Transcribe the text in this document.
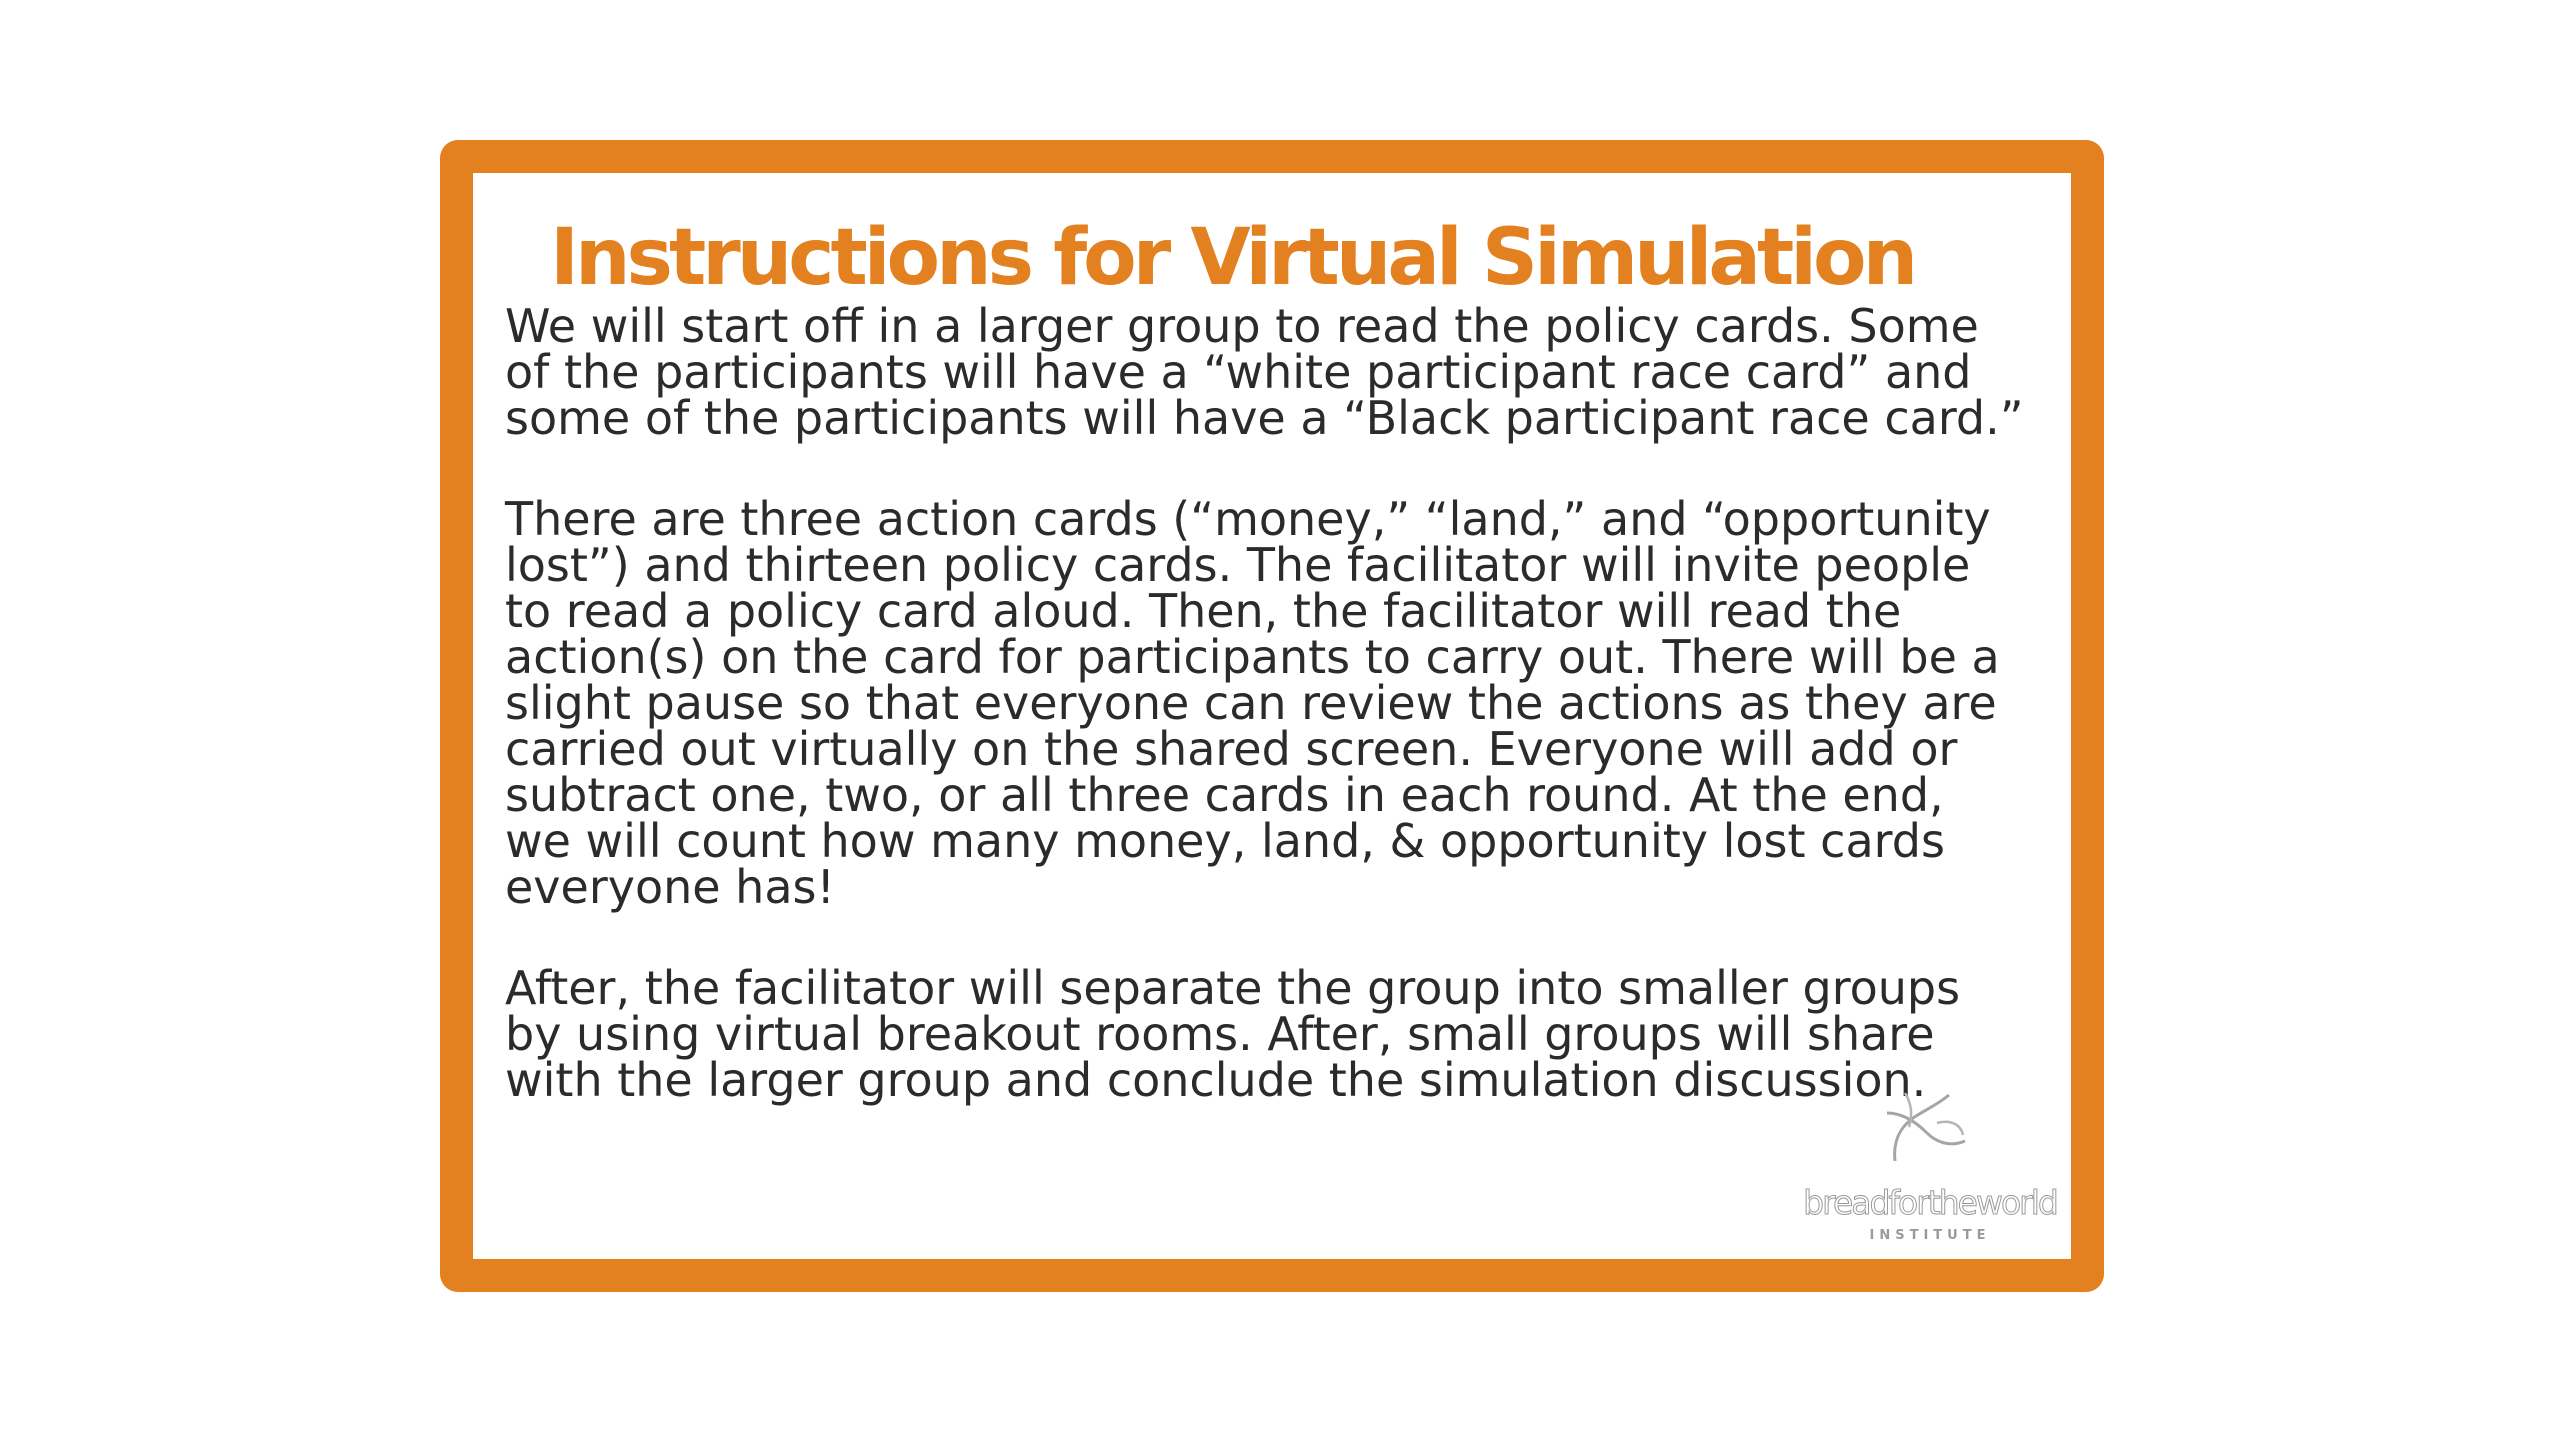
Instructions for Virtual Simulation

We will start off in a larger group to read the policy cards. Some
of the participants will have a “white participant race card” and
some of the participants will have a “Black participant race card.”

There are three action cards (“money,” “land,” and “opportunity
lost”) and thirteen policy cards. The facilitator will invite people
to read a policy card aloud. Then, the facilitator will read the
action(s) on the card for participants to carry out. There will be a
slight pause so that everyone can review the actions as they are
carried out virtually on the shared screen. Everyone will add or
subtract one, two, or all three cards in each round. At the end,
we will count how many money, land, & opportunity lost cards
everyone has!

After, the facilitator will separate the group into smaller groups
by using virtual breakout rooms. After, small groups will share
with the larger group and conclude the simulation discussion.

breadfortheworld
INSTITUTE
